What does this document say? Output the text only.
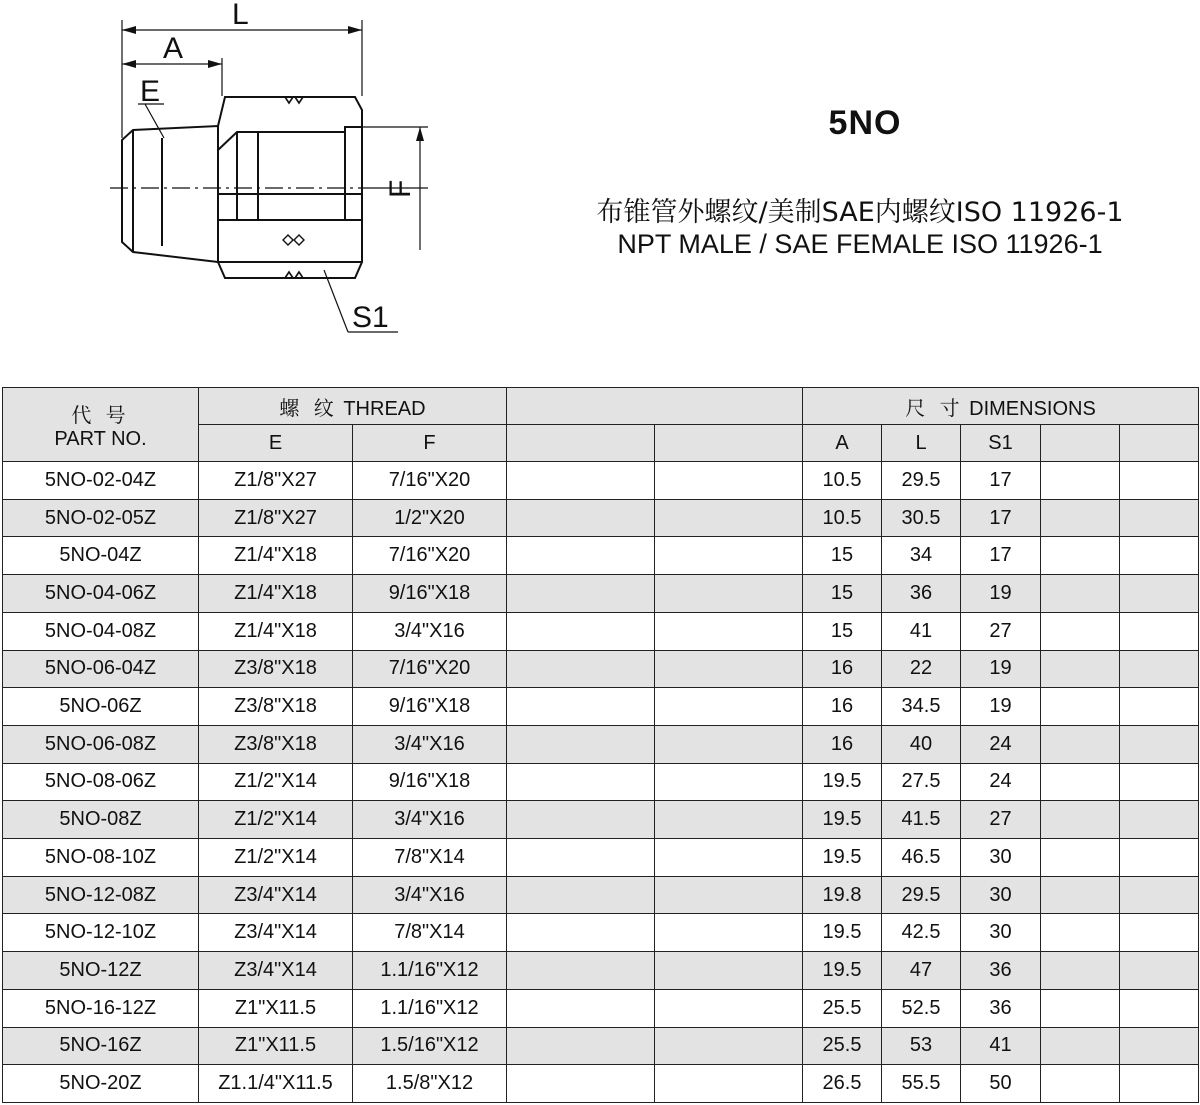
L
A
E
F
S1
5NO
布锥管外螺纹/美制SAE内螺纹ISO 11926-1
NPT MALE / SAE FEMALE ISO 11926-1
代 号
PART NO.	螺 纹 THREAD				尺 寸 DIMENSIONS				
	E	F			A	L	S1		
5NO-02-04Z	Z1/8"X27	7/16"X20			10.5	29.5	17		
5NO-02-05Z	Z1/8"X27	1/2"X20			10.5	30.5	17		
5NO-04Z	Z1/4"X18	7/16"X20			15	34	17		
5NO-04-06Z	Z1/4"X18	9/16"X18			15	36	19		
5NO-04-08Z	Z1/4"X18	3/4"X16			15	41	27		
5NO-06-04Z	Z3/8"X18	7/16"X20			16	22	19		
5NO-06Z	Z3/8"X18	9/16"X18			16	34.5	19		
5NO-06-08Z	Z3/8"X18	3/4"X16			16	40	24		
5NO-08-06Z	Z1/2"X14	9/16"X18			19.5	27.5	24		
5NO-08Z	Z1/2"X14	3/4"X16			19.5	41.5	27		
5NO-08-10Z	Z1/2"X14	7/8"X14			19.5	46.5	30		
5NO-12-08Z	Z3/4"X14	3/4"X16			19.8	29.5	30		
5NO-12-10Z	Z3/4"X14	7/8"X14			19.5	42.5	30		
5NO-12Z	Z3/4"X14	1.1/16"X12			19.5	47	36		
5NO-16-12Z	Z1"X11.5	1.1/16"X12			25.5	52.5	36		
5NO-16Z	Z1"X11.5	1.5/16"X12			25.5	53	41		
5NO-20Z	Z1.1/4"X11.5	1.5/8"X12			26.5	55.5	50		
